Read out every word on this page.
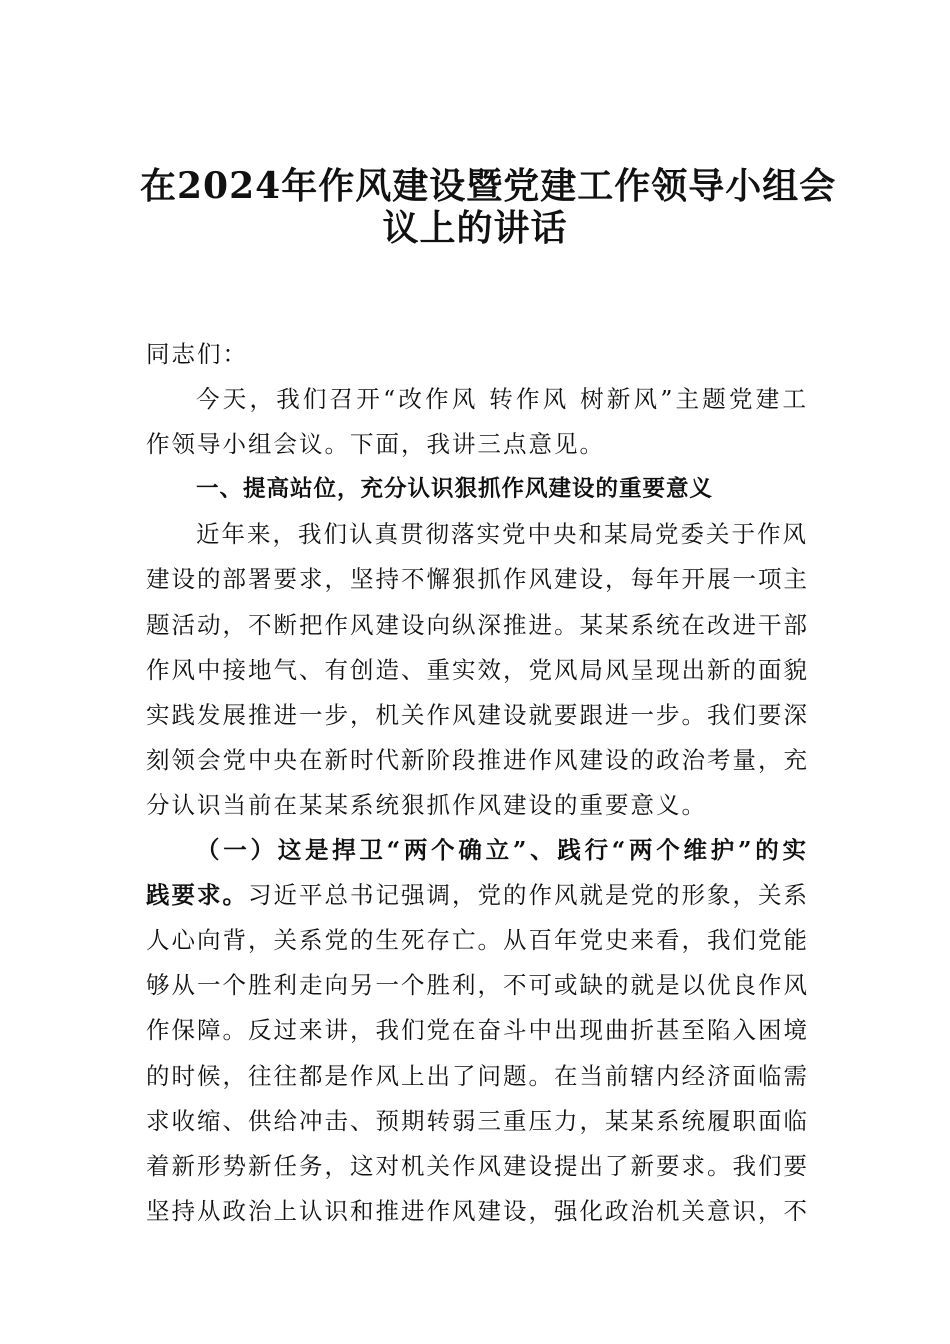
在2024年作风建设暨党建工作领导小组会
议上的讲话
同志们：
今天，我们召开“改作风 转作风 树新风”主题党建工
作领导小组会议。下面，我讲三点意见。
一、提高站位，充分认识狠抓作风建设的重要意义
近年来，我们认真贯彻落实党中央和某局党委关于作风
建设的部署要求，坚持不懈狠抓作风建设，每年开展一项主
题活动，不断把作风建设向纵深推进。某某系统在改进干部
作风中接地气、有创造、重实效，党风局风呈现出新的面貌
实践发展推进一步，机关作风建设就要跟进一步。我们要深
刻领会党中央在新时代新阶段推进作风建设的政治考量，充
分认识当前在某某系统狠抓作风建设的重要意义。
（一）这是捍卫“两个确立”、践行“两个维护”的实
践要求。习近平总书记强调，党的作风就是党的形象，关系
人心向背，关系党的生死存亡。从百年党史来看，我们党能
够从一个胜利走向另一个胜利，不可或缺的就是以优良作风
作保障。反过来讲，我们党在奋斗中出现曲折甚至陷入困境
的时候，往往都是作风上出了问题。在当前辖内经济面临需
求收缩、供给冲击、预期转弱三重压力，某某系统履职面临
着新形势新任务，这对机关作风建设提出了新要求。我们要
坚持从政治上认识和推进作风建设，强化政治机关意识，不
